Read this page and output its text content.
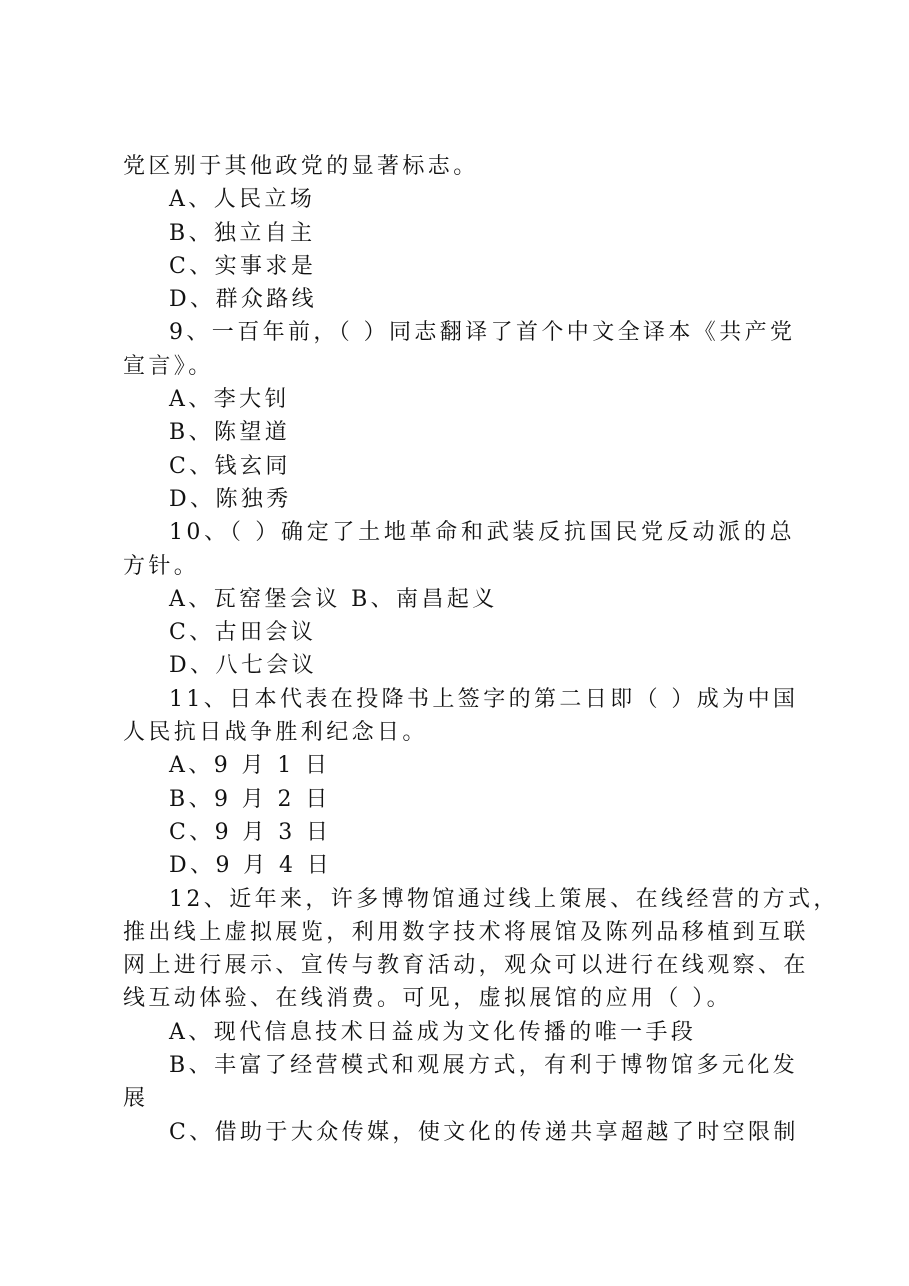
党区别于其他政党的显著标志。
A、人民立场
B、独立自主
C、实事求是
D、群众路线
9、一百年前，（ ）同志翻译了首个中文全译本《共产党
宣言》。
A、李大钊
B、陈望道
C、钱玄同
D、陈独秀
10、（ ）确定了土地革命和武装反抗国民党反动派的总
方针。
A、瓦窑堡会议 B、南昌起义
C、古田会议
D、八七会议
11、日本代表在投降书上签字的第二日即（ ）成为中国
人民抗日战争胜利纪念日。
A、9 月 1 日
B、9 月 2 日
C、9 月 3 日
D、9 月 4 日
12、近年来，许多博物馆通过线上策展、在线经营的方式，
推出线上虚拟展览，利用数字技术将展馆及陈列品移植到互联
网上进行展示、宣传与教育活动，观众可以进行在线观察、在
线互动体验、在线消费。可见，虚拟展馆的应用（ ）。
A、现代信息技术日益成为文化传播的唯一手段
B、丰富了经营模式和观展方式，有利于博物馆多元化发
展
C、借助于大众传媒，使文化的传递共享超越了时空限制
